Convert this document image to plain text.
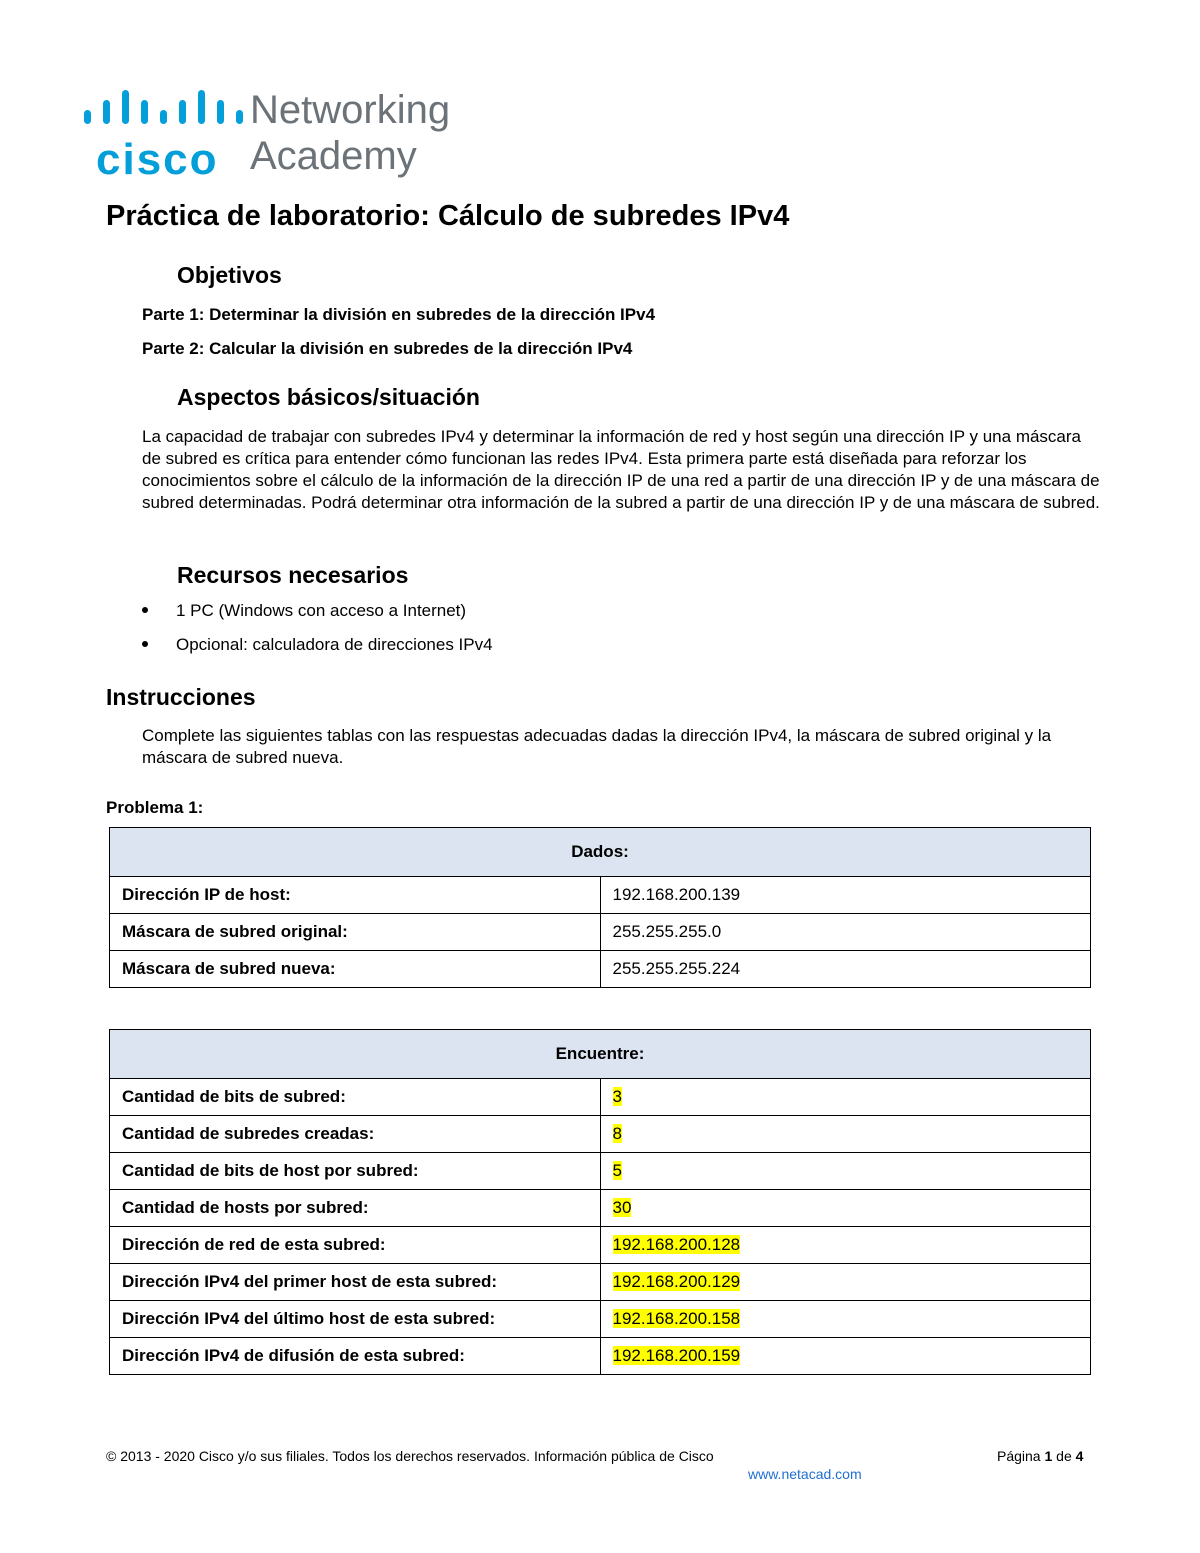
cisco
Networking
Academy
Práctica de laboratorio: Cálculo de subredes IPv4
Objetivos
Parte 1: Determinar la división en subredes de la dirección IPv4
Parte 2: Calcular la división en subredes de la dirección IPv4
Aspectos básicos/situación

La capacidad de trabajar con subredes IPv4 y determinar la información de red y host según una dirección IP y una máscara de subred es crítica para entender cómo funcionan las redes IPv4. Esta primera parte está diseñada para reforzar los conocimientos sobre el cálculo de la información de la dirección IP de una red a partir de una dirección IP y de una máscara de subred determinadas. Podrá determinar otra información de la subred a partir de una dirección IP y de una máscara de subred.

Recursos necesarios
1 PC (Windows con acceso a Internet)
Opcional: calculadora de direcciones IPv4
Instrucciones

Complete las siguientes tablas con las respuestas adecuadas dadas la dirección IPv4, la máscara de subred original y la máscara de subred nueva.

Problema 1:
Dados:	
Dirección IP de host:	192.168.200.139
Máscara de subred original:	255.255.255.0
Máscara de subred nueva:	255.255.255.224
Encuentre:	
Cantidad de bits de subred:	3
Cantidad de subredes creadas:	8
Cantidad de bits de host por subred:	5
Cantidad de hosts por subred:	30
Dirección de red de esta subred:	192.168.200.128
Dirección IPv4 del primer host de esta subred:	192.168.200.129
Dirección IPv4 del último host de esta subred:	192.168.200.158
Dirección IPv4 de difusión de esta subred:	192.168.200.159
© 2013 - 2020 Cisco y/o sus filiales. Todos los derechos reservados. Información pública de Cisco	Página 1 de 4
www.netacad.com
